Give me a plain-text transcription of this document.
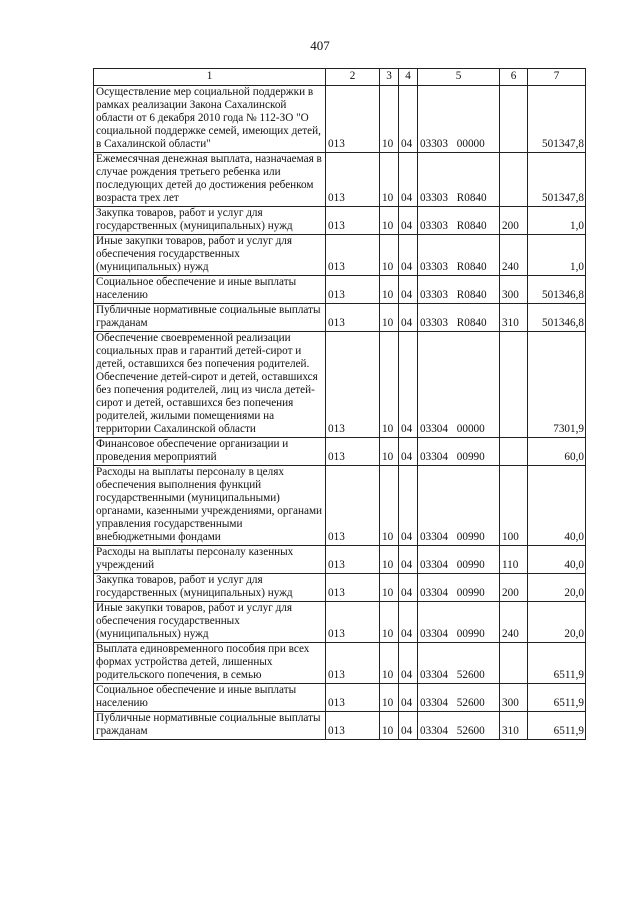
407
1	2	3	4	5	6	7
Осуществление мер социальной поддержки в рамках реализации Закона Сахалинской области от 6 декабря 2010 года № 112-ЗО "О социальной поддержке семей, имеющих детей, в Сахалинской области"	013	10	04	03303 00000		501347,8
Ежемесячная денежная выплата, назначаемая в случае рождения третьего ребенка или последующих детей до достижения ребенком возраста трех лет	013	10	04	03303 R0840		501347,8
Закупка товаров, работ и услуг для государственных (муниципальных) нужд	013	10	04	03303 R0840	200	1,0
Иные закупки товаров, работ и услуг для обеспечения государственных (муниципальных) нужд	013	10	04	03303 R0840	240	1,0
Социальное обеспечение и иные выплаты населению	013	10	04	03303 R0840	300	501346,8
Публичные нормативные социальные выплаты гражданам	013	10	04	03303 R0840	310	501346,8
Обеспечение своевременной реализации социальных прав и гарантий детей-сирот и детей, оставшихся без попечения родителей. Обеспечение детей-сирот и детей, оставшихся без попечения родителей, лиц из числа детей-сирот и детей, оставшихся без попечения родителей, жилыми помещениями на территории Сахалинской области	013	10	04	03304 00000		7301,9
Финансовое обеспечение организации и проведения мероприятий	013	10	04	03304 00990		60,0
Расходы на выплаты персоналу в целях обеспечения выполнения функций государственными (муниципальными) органами, казенными учреждениями, органами управления государственными внебюджетными фондами	013	10	04	03304 00990	100	40,0
Расходы на выплаты персоналу казенных учреждений	013	10	04	03304 00990	110	40,0
Закупка товаров, работ и услуг для государственных (муниципальных) нужд	013	10	04	03304 00990	200	20,0
Иные закупки товаров, работ и услуг для обеспечения государственных (муниципальных) нужд	013	10	04	03304 00990	240	20,0
Выплата единовременного пособия при всех формах устройства детей, лишенных родительского попечения, в семью	013	10	04	03304 52600		6511,9
Социальное обеспечение и иные выплаты населению	013	10	04	03304 52600	300	6511,9
Публичные нормативные социальные выплаты гражданам	013	10	04	03304 52600	310	6511,9
